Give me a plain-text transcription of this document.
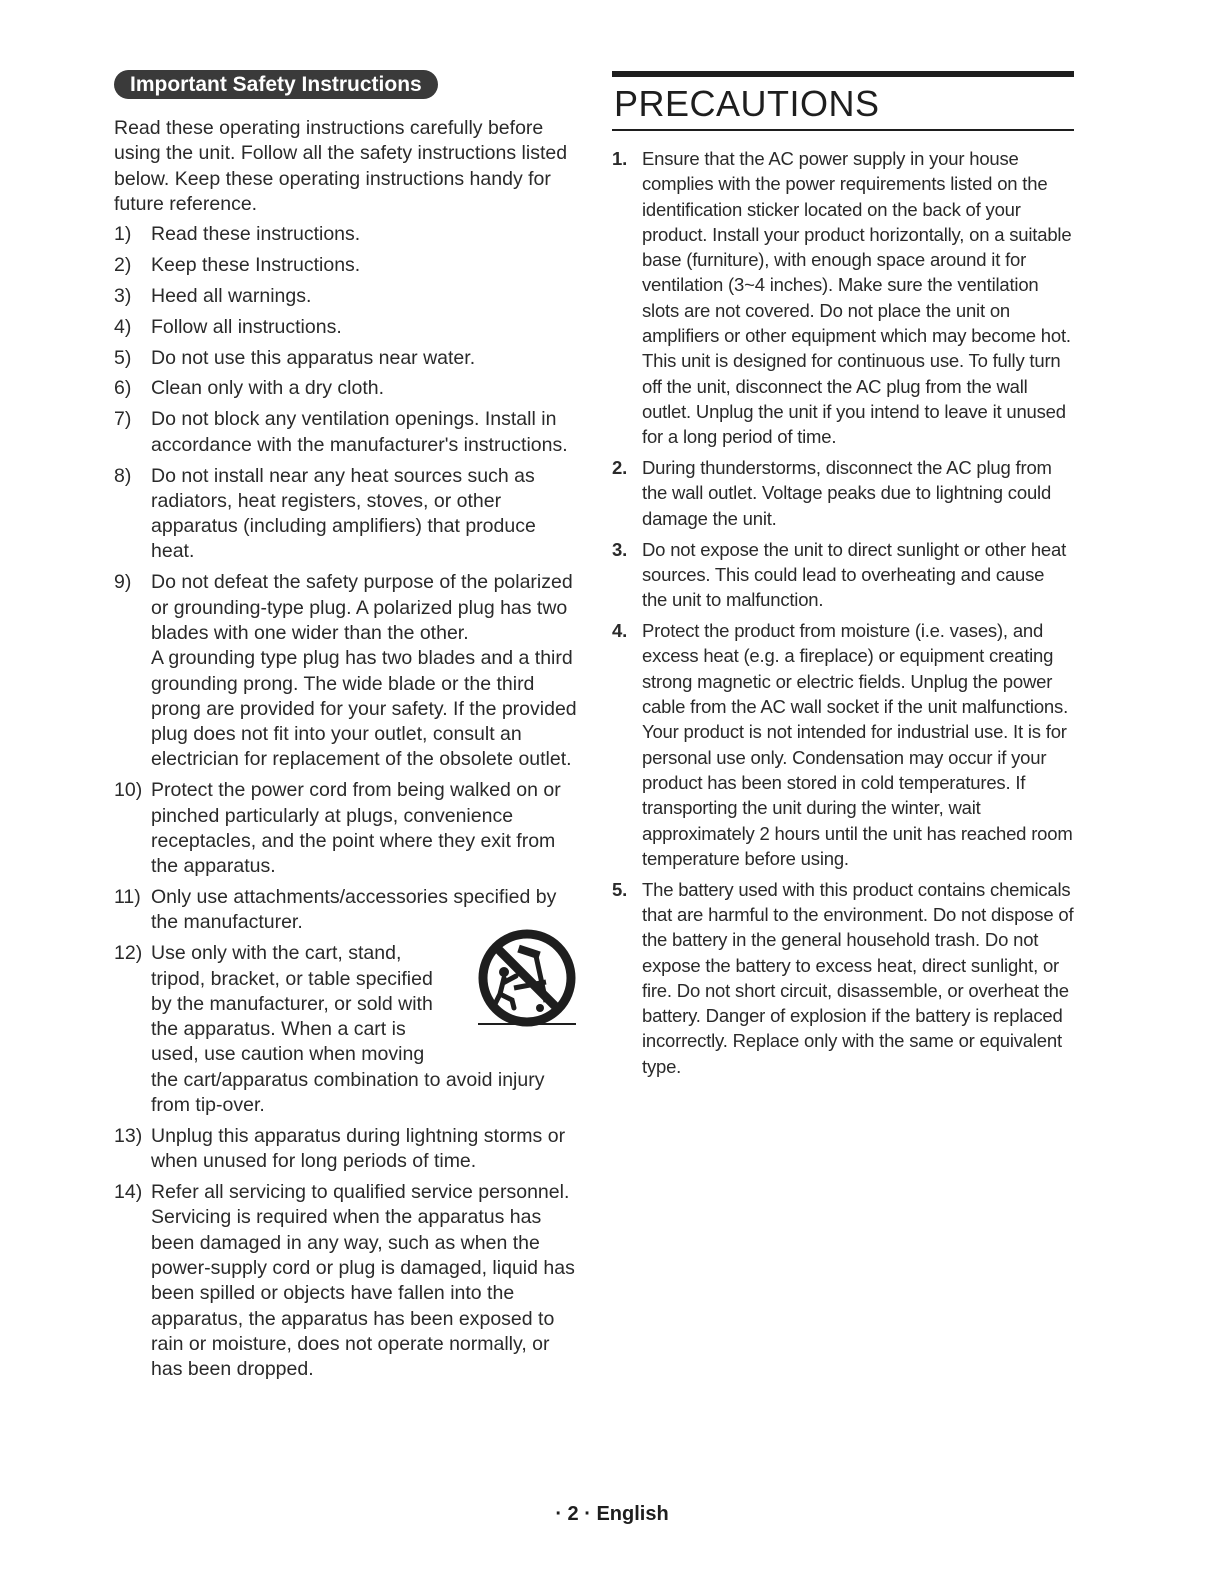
Important Safety Instructions

Read these operating instructions carefully before using the unit. Follow all the safety instructions listed below. Keep these operating instructions handy for future reference.

1)	Read these instructions.
2)	Keep these Instructions.
3)	Heed all warnings.
4)	Follow all instructions.
5)	Do not use this apparatus near water.
6)	Clean only with a dry cloth.
7)	Do not block any ventilation openings. Install in accordance with the manufacturer's instructions.
8)	Do not install near any heat sources such as radiators, heat registers, stoves, or other apparatus (including amplifiers) that produce heat.
9)	Do not defeat the safety purpose of the polarized or grounding-type plug. A polarized plug has two blades with one wider than the other.
A grounding type plug has two blades and a third grounding prong. The wide blade or the third prong are provided for your safety. If the provided plug does not fit into your outlet, consult an electrician for replacement of the obsolete outlet.
10) Protect the power cord from being walked on or pinched particularly at plugs, convenience receptacles, and the point where they exit from the apparatus.
11) Only use attachments/accessories specified by the manufacturer.
12) Use only with the cart, stand, tripod, bracket, or table specified by the manufacturer, or sold with the apparatus. When a cart is used, use caution when moving
the cart/apparatus combination to avoid injury from tip-over.
13) Unplug this apparatus during lightning storms or when unused for long periods of time.
14) Refer all servicing to qualified service personnel. Servicing is required when the apparatus has been damaged in any way, such as when the power-supply cord or plug is damaged, liquid has been spilled or objects have fallen into the apparatus, the apparatus has been exposed to rain or moisture, does not operate normally, or has been dropped.
PRECAUTIONS
1. Ensure that the AC power supply in your house complies with the power requirements listed on the identification sticker located on the back of your product. Install your product horizontally, on a suitable base (furniture), with enough space around it for ventilation (3~4 inches). Make sure the ventilation slots are not covered. Do not place the unit on amplifiers or other equipment which may become hot. This unit is designed for continuous use. To fully turn off the unit, disconnect the AC plug from the wall outlet. Unplug the unit if you intend to leave it unused for a long period of time.
2. During thunderstorms, disconnect the AC plug from the wall outlet. Voltage peaks due to lightning could damage the unit.
3. Do not expose the unit to direct sunlight or other heat sources. This could lead to overheating and cause the unit to malfunction.
4. Protect the product from moisture (i.e. vases), and excess heat (e.g. a fireplace) or equipment creating strong magnetic or electric fields. Unplug the power cable from the AC wall socket if the unit malfunctions. Your product is not intended for industrial use. It is for personal use only. Condensation may occur if your product has been stored in cold temperatures. If transporting the unit during the winter, wait approximately 2 hours until the unit has reached room temperature before using.
5. The battery used with this product contains chemicals that are harmful to the environment. Do not dispose of the battery in the general household trash. Do not expose the battery to excess heat, direct sunlight, or fire. Do not short circuit, disassemble, or overheat the battery. Danger of explosion if the battery is replaced incorrectly. Replace only with the same or equivalent type.
· 2 · English
